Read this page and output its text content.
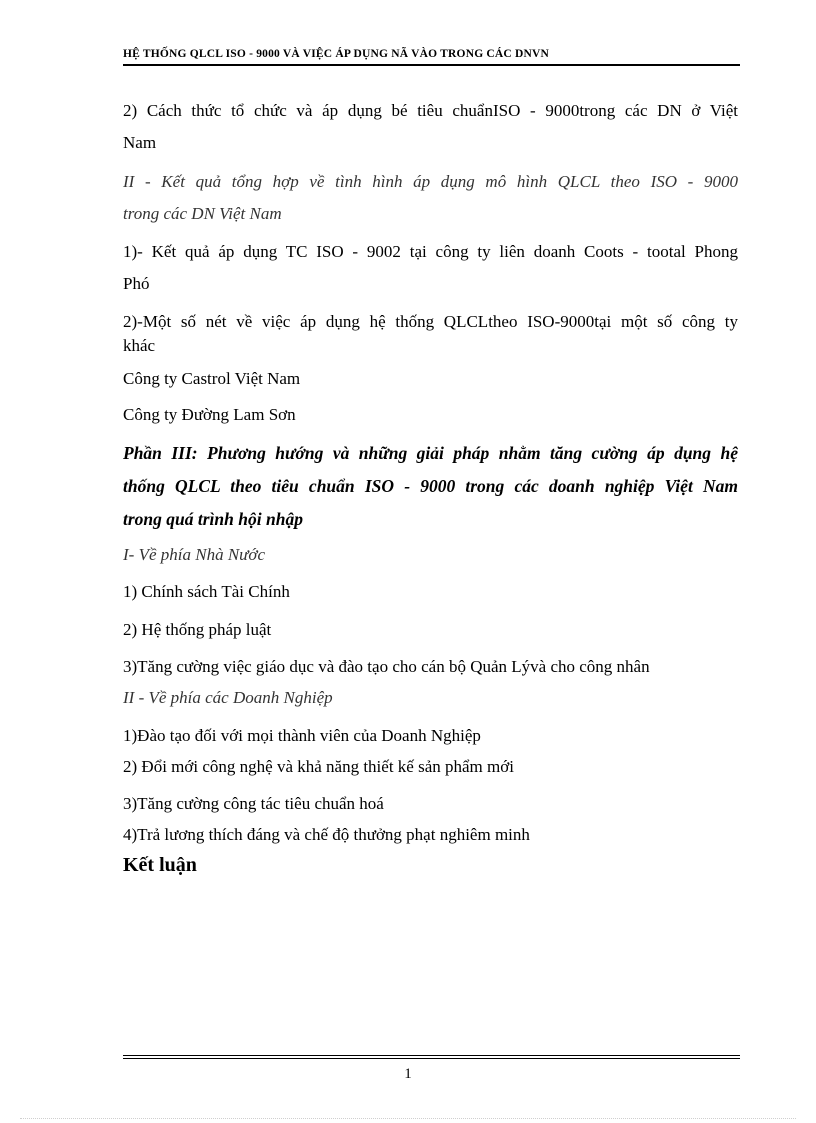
HỆ THỐNG QLCL ISO - 9000 VÀ VIỆC ÁP DỤNG NÃ VÀO TRONG CÁC DNVN
2) Cách thức tổ chức và áp dụng bé tiêu chuẩnISO - 9000trong các DN ở Việt
Nam
II - Kết quả tổng hợp về tình hình áp dụng mô hình QLCL theo ISO - 9000
trong các DN Việt Nam
1)- Kết quả áp dụng TC ISO - 9002 tại công ty liên doanh Coots - tootal Phong
Phó
2)-Một số nét về việc áp dụng hệ thống QLCLtheo ISO-9000tại một số công ty
khác
Công ty Castrol Việt Nam
Công ty Đường Lam Sơn
Phần III: Phương hướng và những giải pháp nhằm tăng cường áp dụng hệ
thống QLCL theo tiêu chuẩn ISO - 9000 trong các doanh nghiệp Việt Nam
trong quá trình hội nhập
I- Về phía Nhà Nước
1) Chính sách Tài Chính
2) Hệ thống pháp luật
3)Tăng cường việc giáo dục và đào tạo cho cán bộ Quản Lývà cho công nhân
II - Về phía các Doanh Nghiệp
1)Đào tạo đối với mọi thành viên của Doanh Nghiệp
2) Đổi mới công nghệ và khả năng thiết kế sản phẩm mới
3)Tăng cường công tác tiêu chuẩn hoá
4)Trả lương thích đáng và chế độ thưởng phạt nghiêm minh
Kết luận
1
